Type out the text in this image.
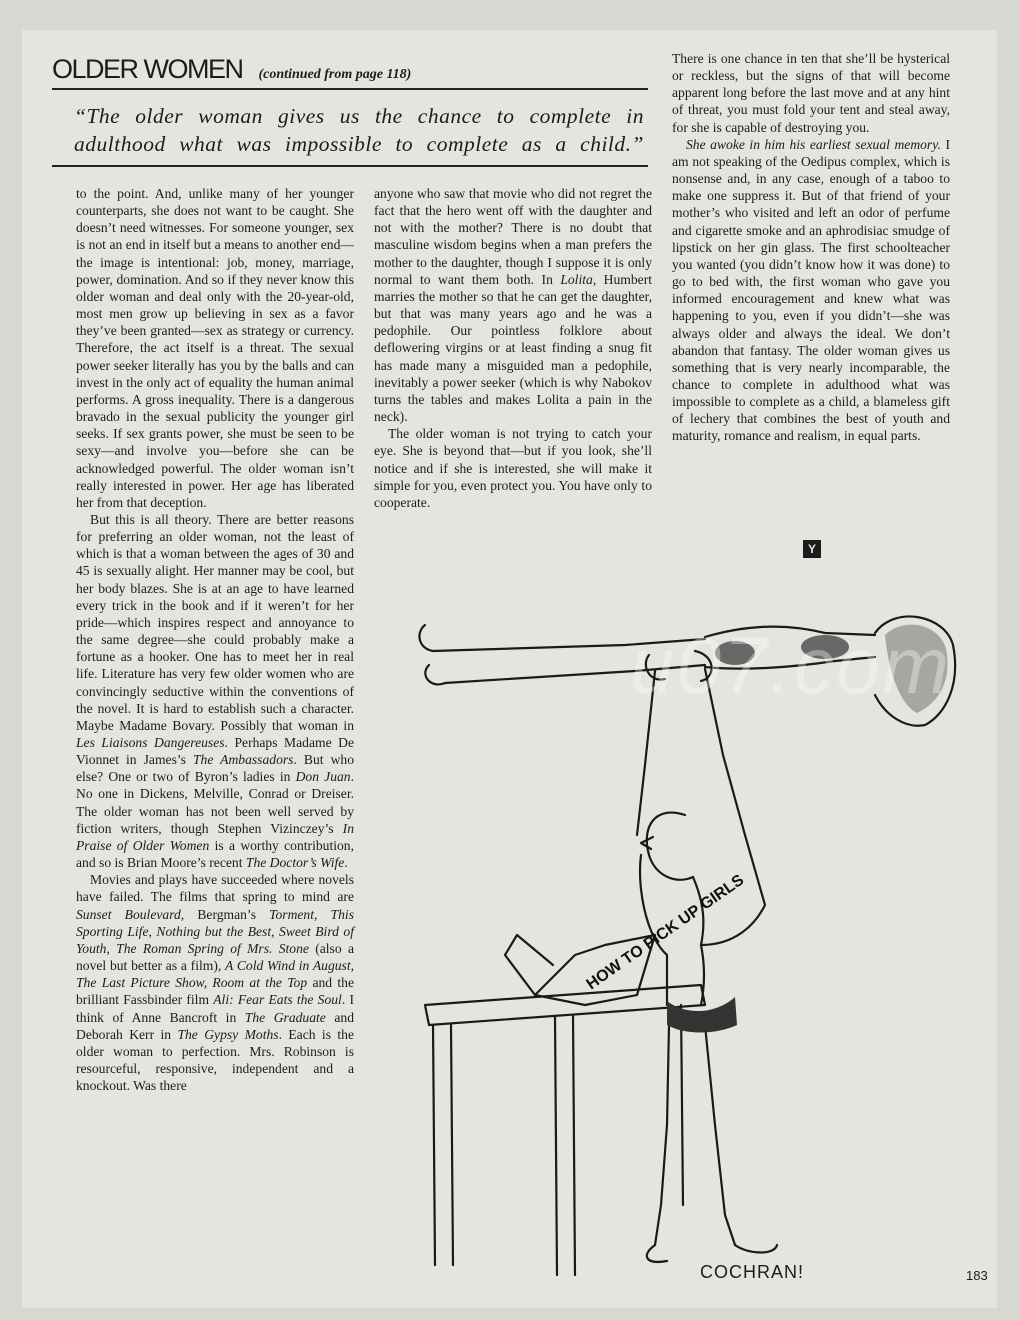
OLDER WOMEN (continued from page 118)
“The older woman gives us the chance to complete in adulthood what was impossible to complete as a child.”

to the point. And, unlike many of her younger counterparts, she does not want to be caught. She doesn’t need witnesses. For someone younger, sex is not an end in itself but a means to another end—the image is intentional: job, money, marriage, power, domination. And so if they never know this older woman and deal only with the 20-year-old, most men grow up believing in sex as a favor they’ve been granted—sex as strategy or currency. Therefore, the act itself is a threat. The sexual power seeker literally has you by the balls and can invest in the only act of equality the human animal performs. A gross inequality. There is a dangerous bravado in the sexual publicity the younger girl seeks. If sex grants power, she must be seen to be sexy—and involve you—before she can be acknowledged powerful. The older woman isn’t really interested in power. Her age has liberated her from that deception.

But this is all theory. There are better reasons for preferring an older woman, not the least of which is that a woman between the ages of 30 and 45 is sexually alight. Her manner may be cool, but her body blazes. She is at an age to have learned every trick in the book and if it weren’t for her pride—which inspires respect and annoyance to the same degree—she could probably make a fortune as a hooker. One has to meet her in real life. Literature has very few older women who are convincingly seductive within the conventions of the novel. It is hard to establish such a character. Maybe Madame Bovary. Possibly that woman in Les Liaisons Dangereuses. Perhaps Madame De Vionnet in James’s The Ambassadors. But who else? One or two of Byron’s ladies in Don Juan. No one in Dickens, Melville, Conrad or Dreiser. The older woman has not been well served by fiction writers, though Stephen Vizinczey’s In Praise of Older Women is a worthy contribution, and so is Brian Moore’s recent The Doctor’s Wife.

Movies and plays have succeeded where novels have failed. The films that spring to mind are Sunset Boulevard, Bergman’s Torment, This Sporting Life, Nothing but the Best, Sweet Bird of Youth, The Roman Spring of Mrs. Stone (also a novel but better as a film), A Cold Wind in August, The Last Picture Show, Room at the Top and the brilliant Fassbinder film Ali: Fear Eats the Soul. I think of Anne Bancroft in The Graduate and Deborah Kerr in The Gypsy Moths. Each is the older woman to perfection. Mrs. Robinson is resourceful, responsive, independent and a knockout. Was there

anyone who saw that movie who did not regret the fact that the hero went off with the daughter and not with the mother? There is no doubt that masculine wisdom begins when a man prefers the mother to the daughter, though I suppose it is only normal to want them both. In Lolita, Humbert marries the mother so that he can get the daughter, but that was many years ago and he was a pedophile. Our pointless folklore about deflowering virgins or at least finding a snug fit has made many a misguided man a pedophile, inevitably a power seeker (which is why Nabokov turns the tables and makes Lolita a pain in the neck).

The older woman is not trying to catch your eye. She is beyond that—but if you look, she’ll notice and if she is interested, she will make it simple for you, even protect you. You have only to cooperate.

There is one chance in ten that she’ll be hysterical or reckless, but the signs of that will become apparent long before the last move and at any hint of threat, you must fold your tent and steal away, for she is capable of destroying you.

She awoke in him his earliest sexual memory. I am not speaking of the Oedipus complex, which is nonsense and, in any case, enough of a taboo to make one suppress it. But of that friend of your mother’s who visited and left an odor of perfume and cigarette smoke and an aphrodisiac smudge of lipstick on her gin glass. The first schoolteacher you wanted (you didn’t know how it was done) to go to bed with, the first woman who gave you informed encouragement and knew what was happening to you, even if you didn’t—she was always older and always the ideal. We don’t abandon that fantasy. The older woman gives us something that is very nearly incomparable, the chance to complete in adulthood what was impossible to complete as a child, a blameless gift of lechery that combines the best of youth and maturity, romance and realism, in equal parts.

Y
HOW TO PICK UP GIRLS
u07.com
COCHRAN!	183
